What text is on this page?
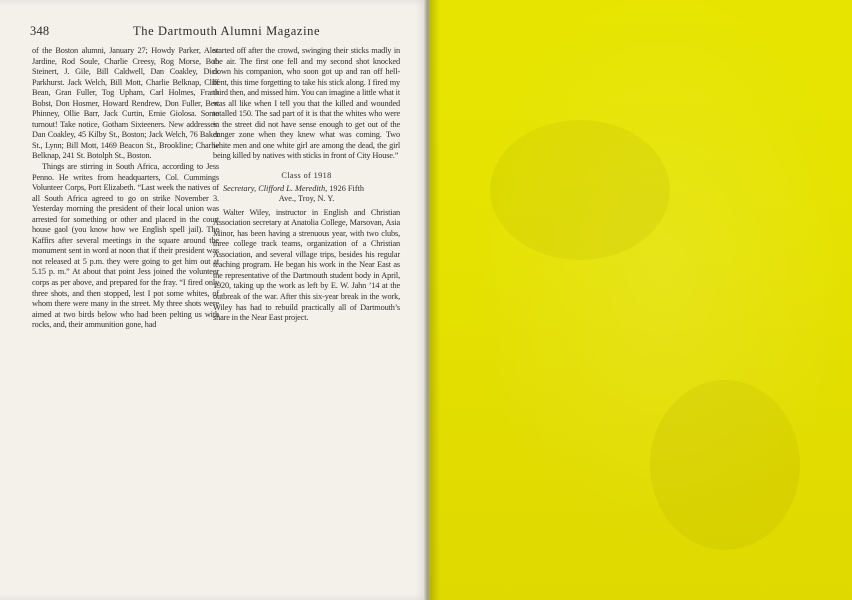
348	The Dartmouth Alumni Magazine

of the Boston alumni, January 27; Howdy Parker, Alec Jardine, Rod Soule, Charlie Creesy, Rog Morse, Bob Steinert, J. Gile, Bill Caldwell, Dan Coakley, Dick Parkhurst. Jack Welch, Bill Mott, Charlie Belknap, Cliff Bean, Gran Fuller, Tog Upham, Carl Holmes, Frank Bobst, Don Hosmer, Howard Rendrew, Don Fuller, Bert Phinney, Ollie Barr, Jack Curtin, Ernie Giolosa. Some turnout! Take notice, Gotham Sixteeners. New addresses: Dan Coakley, 45 Kilby St., Boston; Jack Welch, 76 Baker St., Lynn; Bill Mott, 1469 Beacon St., Brookline; Charlie Belknap, 241 St. Botolph St., Boston.

Things are stirring in South Africa, according to Jess Penno. He writes from headquarters, Col. Cummings Volunteer Corps, Port Elizabeth. “Last week the natives of all South Africa agreed to go on strike November 3. Yesterday morning the president of their local union was arrested for something or other and placed in the court house gaol (you know how we English spell jail). The Kaffirs after several meetings in the square around the monument sent in word at noon that if their president was not released at 5 p.m. they were going to get him out at 5.15 p. m.” At about that point Jess joined the volunteer corps as per above, and prepared for the fray. “I fired only three shots, and then stopped, lest I pot some whites, of whom there were many in the street. My three shots were aimed at two birds below who had been pelting us with rocks, and, their ammunition gone, had

started off after the crowd, swinging their sticks madly in the air. The first one fell and my second shot knocked down his companion, who soon got up and ran off hell-bent, this time forgetting to take his stick along. I fired my third then, and missed him. You can imagine a little what it was all like when I tell you that the killed and wounded totalled 150. The sad part of it is that the whites who were in the street did not have sense enough to get out of the danger zone when they knew what was coming. Two white men and one white girl are among the dead, the girl being killed by natives with sticks in front of City House.”

Class of 1918

Secretary, Clifford L. Meredith, 1926 Fifth

Ave., Troy, N. Y.

Walter Wiley, instructor in English and Christian Association secretary at Anatolia College, Marsovan, Asia Minor, has been having a strenuous year, with two clubs, three college track teams, organization of a Christian Association, and several village trips, besides his regular teaching program. He began his work in the Near East as the representative of the Dartmouth student body in April, 1920, taking up the work as left by E. W. Jahn ’14 at the outbreak of the war. After this six-year break in the work, Wiley has had to rebuild practically all of Dartmouth’s share in the Near East project.
